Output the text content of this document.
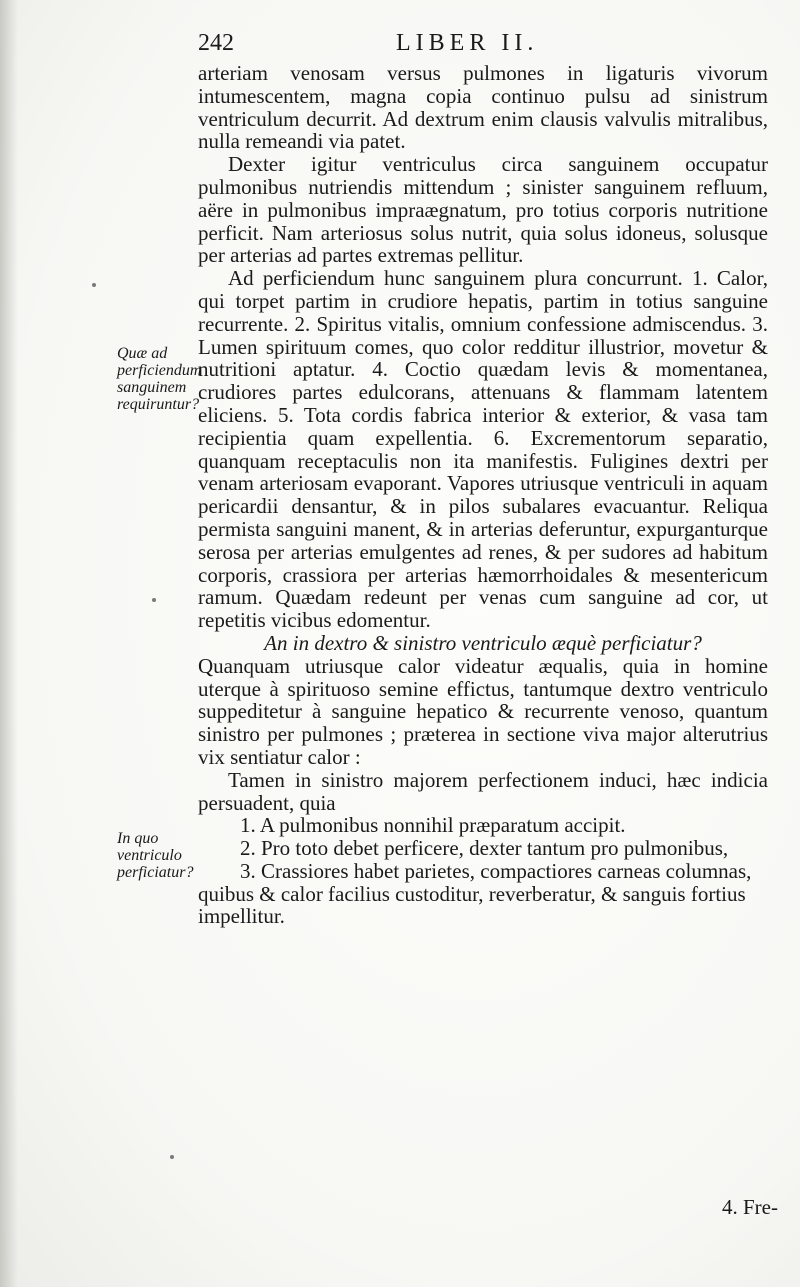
242	LIBER II.
Quæ ad perficiendum sanguinem requiruntur?
In quo ventriculo perficiatur?

arteriam venosam versus pulmones in ligaturis vivorum intumescentem, magna copia continuo pulsu ad sinistrum ventriculum decurrit. Ad dextrum enim clausis valvulis mitralibus, nulla remeandi via patet.

Dexter igitur ventriculus circa sanguinem occupatur pulmonibus nutriendis mittendum ; sinister sanguinem refluum, aëre in pulmonibus impraægnatum, pro totius corporis nutritione perficit. Nam arteriosus solus nutrit, quia solus idoneus, solusque per arterias ad partes extremas pellitur.

Ad perficiendum hunc sanguinem plura concurrunt. 1. Calor, qui torpet partim in crudiore hepatis, partim in totius sanguine recurrente. 2. Spiritus vitalis, omnium confessione admiscendus. 3. Lumen spirituum comes, quo color redditur illustrior, movetur & nutritioni aptatur. 4. Coctio quædam levis & momentanea, crudiores partes edulcorans, attenuans & flammam latentem eliciens. 5. Tota cordis fabrica interior & exterior, & vasa tam recipientia quam expellentia. 6. Excrementorum separatio, quanquam receptaculis non ita manifestis. Fuligines dextri per venam arteriosam evaporant. Vapores utriusque ventriculi in aquam pericardii densantur, & in pilos subalares evacuantur. Reliqua permista sanguini manent, & in arterias deferuntur, expurganturque serosa per arterias emulgentes ad renes, & per sudores ad habitum corporis, crassiora per arterias hæmorrhoidales & mesentericum ramum. Quædam redeunt per venas cum sanguine ad cor, ut repetitis vicibus edomentur.

An in dextro & sinistro ventriculo æquè perficiatur?

Quanquam utriusque calor videatur æqualis, quia in homine uterque à spirituoso semine effictus, tantumque dextro ventriculo suppeditetur à sanguine hepatico & recurrente venoso, quantum sinistro per pulmones ; præterea in sectione viva major alterutrius vix sentiatur calor :

Tamen in sinistro majorem perfectionem induci, hæc indicia persuadent, quia

1. A pulmonibus nonnihil præparatum accipit.

2. Pro toto debet perficere, dexter tantum pro pulmonibus,

3. Crassiores habet parietes, compactiores carneas columnas, quibus & calor facilius custoditur, reverberatur, & sanguis fortius impellitur.

4. Fre-
